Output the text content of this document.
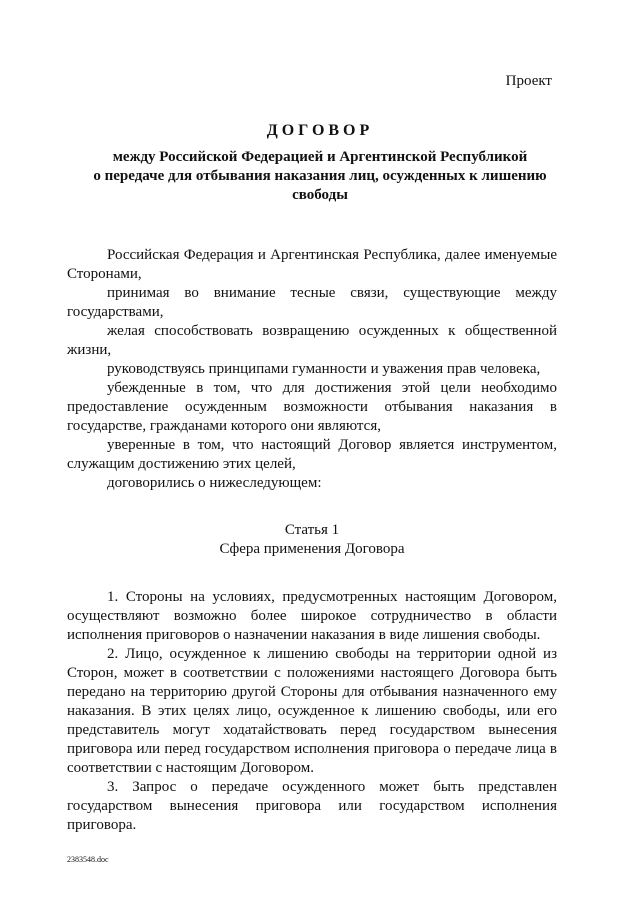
Проект
ДОГОВОР
между Российской Федерацией и Аргентинской Республикой
о передаче для отбывания наказания лиц, осужденных к лишению
свободы

Российская Федерация и Аргентинская Республика, далее именуемые Сторонами,

принимая во внимание тесные связи, существующие между государствами,

желая способствовать возвращению осужденных к общественной жизни,

руководствуясь принципами гуманности и уважения прав человека,

убежденные в том, что для достижения этой цели необходимо предоставление осужденным возможности отбывания наказания в государстве, гражданами которого они являются,

уверенные в том, что настоящий Договор является инструментом, служащим достижению этих целей,

договорились о нижеследующем:

Статья 1

Сфера применения Договора

1. Стороны на условиях, предусмотренных настоящим Договором, осуществляют возможно более широкое сотрудничество в области исполнения приговоров о назначении наказания в виде лишения свободы.

2. Лицо, осужденное к лишению свободы на территории одной из Сторон, может в соответствии с положениями настоящего Договора быть передано на территорию другой Стороны для отбывания назначенного ему наказания. В этих целях лицо, осужденное к лишению свободы, или его представитель могут ходатайствовать перед государством вынесения приговора или перед государством исполнения приговора о передаче лица в соответствии с настоящим Договором.

3. Запрос о передаче осужденного может быть представлен государством вынесения приговора или государством исполнения приговора.

2383548.doc
